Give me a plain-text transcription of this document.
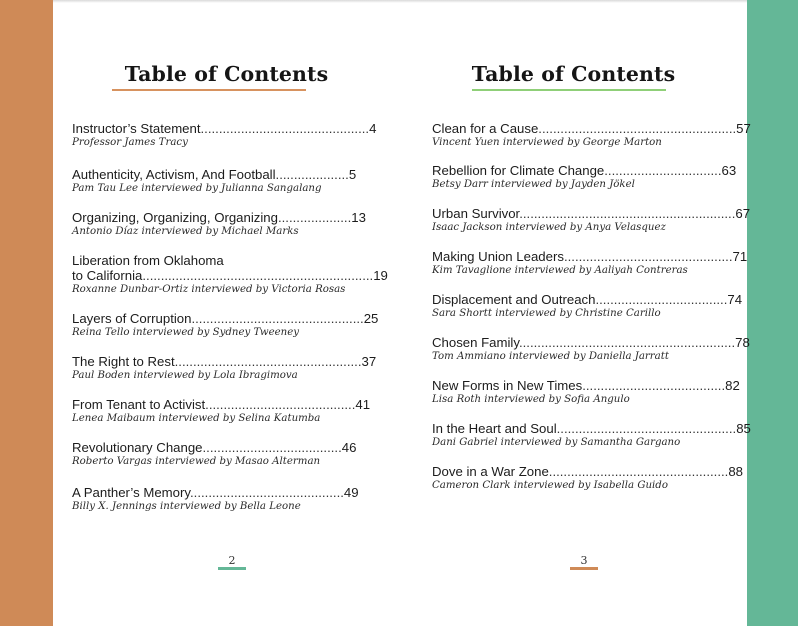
Table of Contents
Instructor’s Statement..............................................4
Professor James Tracy
Authenticity, Activism, And Football....................5
Pam Tau Lee interviewed by Julianna Sangalang
Organizing, Organizing, Organizing....................13
Antonio Díaz interviewed by Michael Marks
Liberation from Oklahoma
to California...............................................................19
Roxanne Dunbar-Ortiz interviewed by Victoria Rosas
Layers of Corruption...............................................25
Reina Tello interviewed by Sydney Tweeney
The Right to Rest...................................................37
Paul Boden interviewed by Lola Ibragimova
From Tenant to Activist.........................................41
Lenea Maibaum interviewed by Selina Katumba
Revolutionary Change......................................46
Roberto Vargas interviewed by Masao Alterman
A Panther’s Memory..........................................49
Billy X. Jennings interviewed by Bella Leone
2
Table of Contents
Clean for a Cause......................................................57
Vincent Yuen interviewed by George Marton
Rebellion for Climate Change................................63
Betsy Darr interviewed by Jayden Jökel
Urban Survivor...........................................................67
Isaac Jackson interviewed by Anya Velasquez
Making Union Leaders..............................................71
Kim Tavaglione interviewed by Aaliyah Contreras
Displacement and Outreach....................................74
Sara Shortt interviewed by Christine Carillo
Chosen Family...........................................................78
Tom Ammiano interviewed by Daniella Jarratt
New Forms in New Times.......................................82
Lisa Roth interviewed by Sofia Angulo
In the Heart and Soul.................................................85
Dani Gabriel interviewed by Samantha Gargano
Dove in a War Zone.................................................88
Cameron Clark interviewed by Isabella Guido
3
